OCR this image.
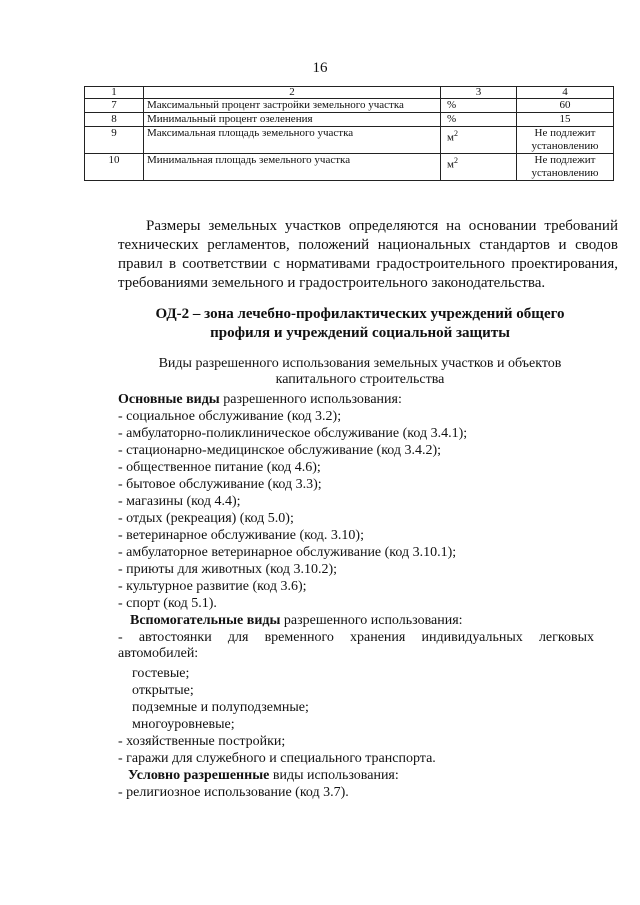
16
1	2	3	4
7	Максимальный процент застройки земельного участка	%	60
8	Минимальный процент озеленения	%	15
9	Максимальная площадь земельного участка	$м^2$	Не подлежит установлению
10	Минимальная площадь земельного участка	$м^2$	Не подлежит установлению
Размеры земельных участков определяются на основании требований технических регламентов, положений национальных стандартов и сводов правил в соответствии с нормативами градостроительного проектирования, требованиями земельного и градостроительного законодательства.
ОД-2 – зона лечебно-профилактических учреждений общего профиля и учреждений социальной защиты
Виды разрешенного использования земельных участков и объектов капитального строительства
Основные виды разрешенного использования:
- социальное обслуживание (код 3.2);
- амбулаторно-поликлиническое обслуживание (код 3.4.1);
- стационарно-медицинское обслуживание (код 3.4.2);
- общественное питание (код 4.6);
- бытовое обслуживание (код 3.3);
- магазины (код 4.4);
- отдых (рекреация) (код 5.0);
- ветеринарное обслуживание (код. 3.10);
- амбулаторное ветеринарное обслуживание (код 3.10.1);
- приюты для животных (код 3.10.2);
- культурное развитие (код 3.6);
- спорт (код 5.1).
Вспомогательные виды разрешенного использования:
- автостоянки для временного хранения индивидуальных легковых автомобилей:
гостевые;
открытые;
подземные и полуподземные;
многоуровневые;
- хозяйственные постройки;
- гаражи для служебного и специального транспорта.
Условно разрешенные виды использования:
- религиозное использование (код 3.7).
